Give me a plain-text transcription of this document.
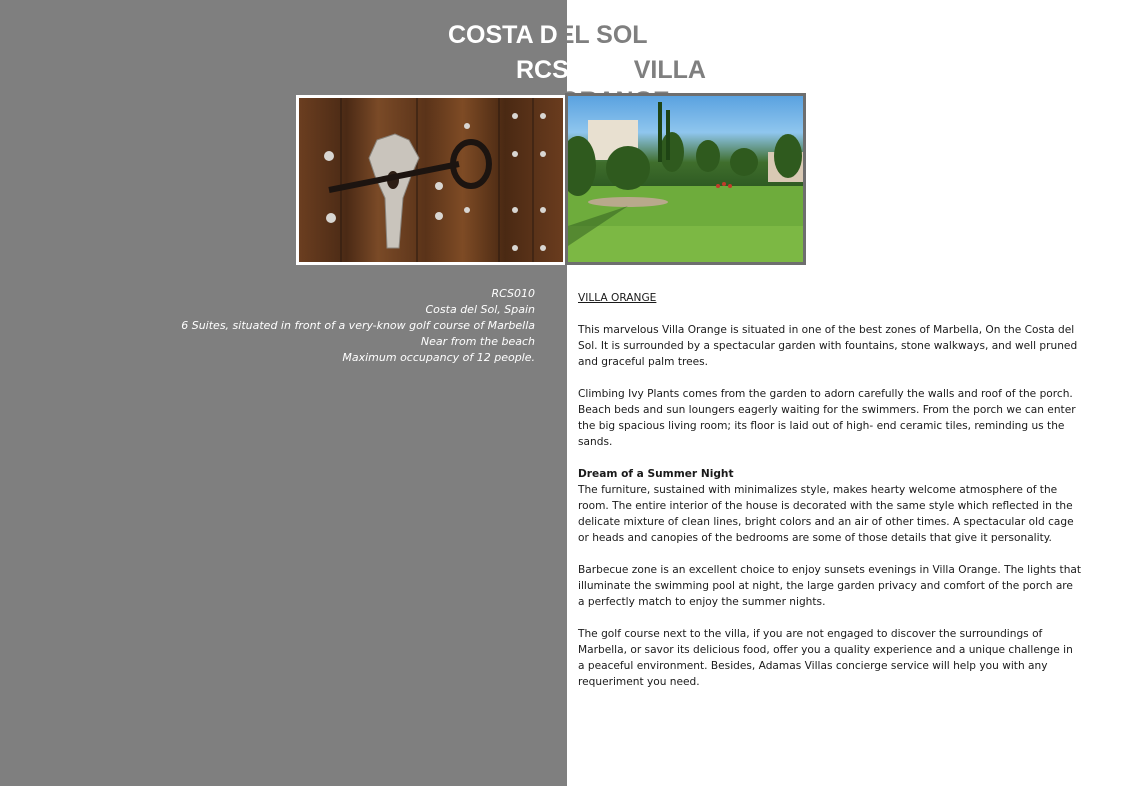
COSTA DEL SOL
RCS	VILLA
RCS010
Costa del Sol, Spain
6 Suites, situated in front of a very-know golf course of Marbella
Near from the beach
Maximum occupancy of 12 people.
VILLA ORANGE

This marvelous Villa Orange is situated in one of the best zones of Marbella, On the Costa del Sol. It is surrounded by a spectacular garden with fountains, stone walkways, and well pruned and graceful palm trees.

Climbing Ivy Plants comes from the garden to adorn carefully the walls and roof of the porch. Beach beds and sun loungers eagerly waiting for the swimmers. From the porch we can enter the big spacious living room; its floor is laid out of high- end ceramic tiles, reminding us the sands.

Dream of a Summer Night

The furniture, sustained with minimalizes style, makes hearty welcome atmosphere of the room. The entire interior of the house is decorated with the same style which reflected in the delicate mixture of clean lines, bright colors and an air of other times. A spectacular old cage or heads and canopies of the bedrooms are some of those details that give it personality.

Barbecue zone is an excellent choice to enjoy sunsets evenings in Villa Orange. The lights that illuminate the swimming pool at night, the large garden privacy and comfort of the porch are a perfectly match to enjoy the summer nights.

The golf course next to the villa, if you are not engaged to discover the surroundings of Marbella, or savor its delicious food, offer you a quality experience and a unique challenge in a peaceful environment. Besides, Adamas Villas concierge service will help you with any requeriment you need.
